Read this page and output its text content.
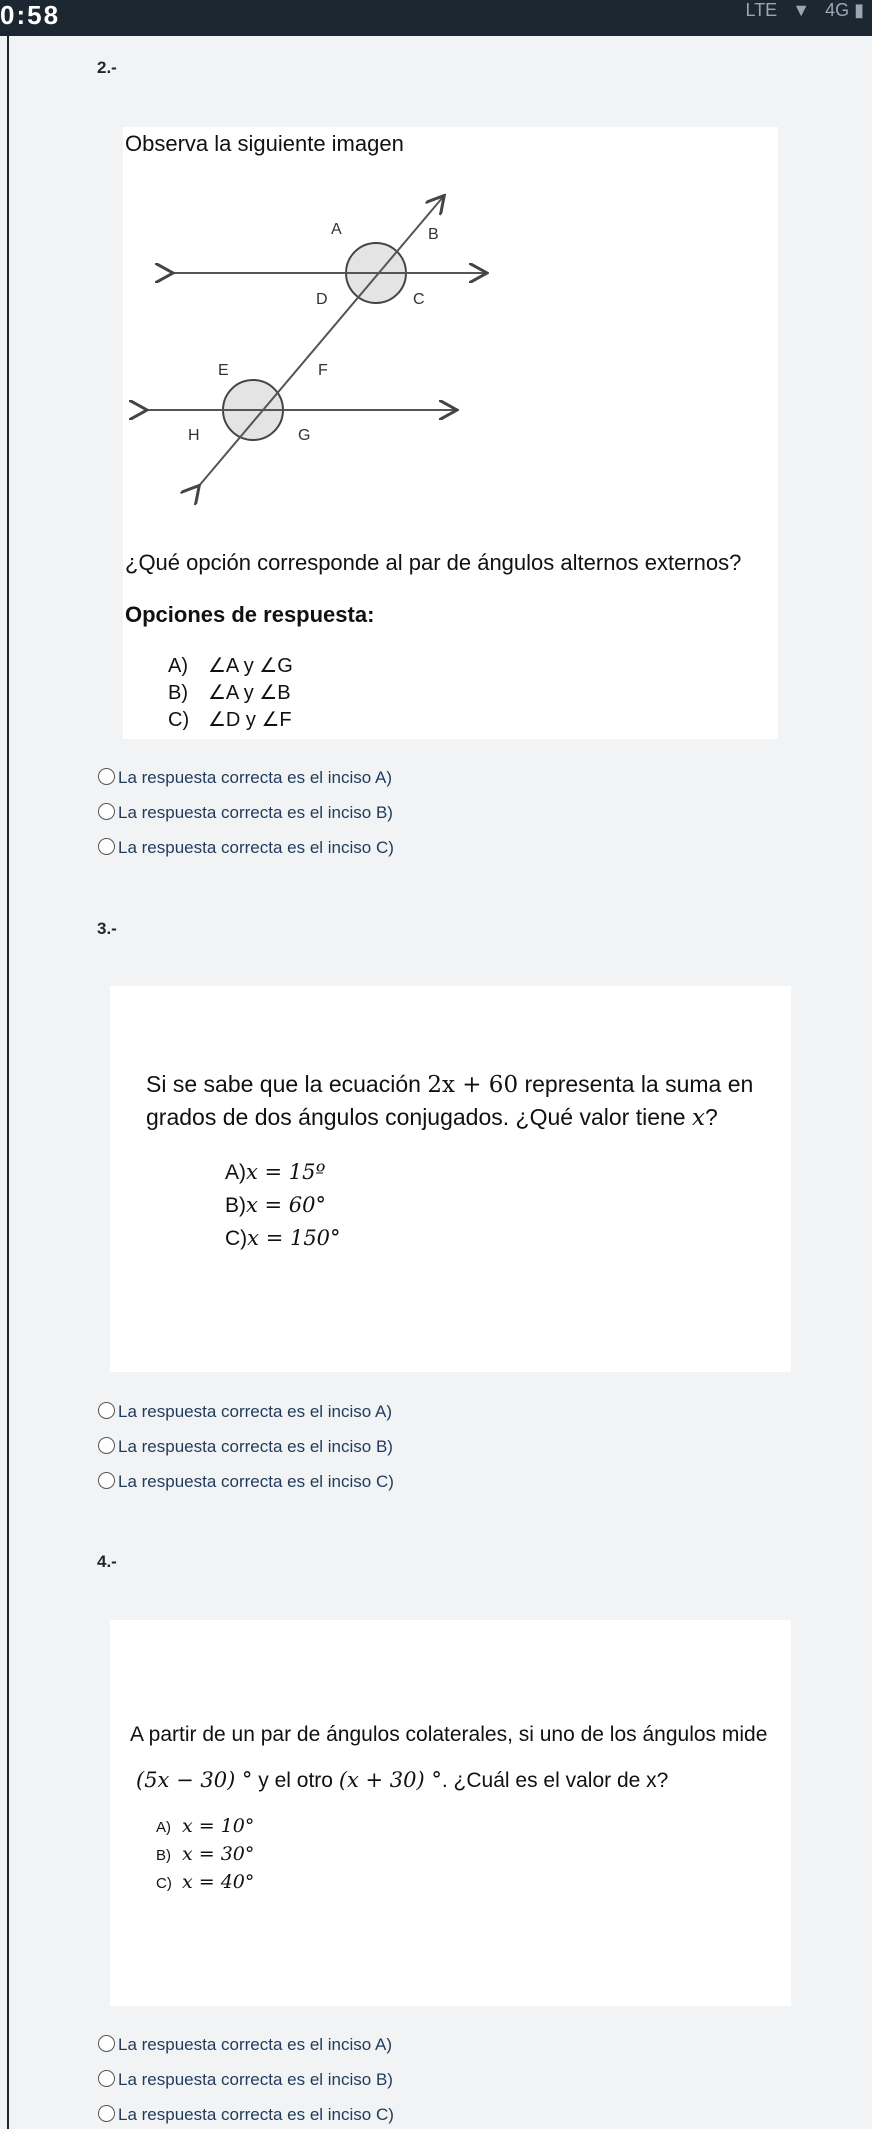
0:58	LTE ▼ 4G ▮
2.-
Observa la siguiente imagen
A	B
C
D
E	F
H	G
¿Qué opción corresponde al par de ángulos alternos externos?
Opciones de respuesta:
A) ∠A y ∠G
B) ∠A y ∠B
C) ∠D y ∠F
La respuesta correcta es el inciso A)
La respuesta correcta es el inciso B)
La respuesta correcta es el inciso C)
3.-
Si se sabe que la ecuación 2x + 60 representa la suma en
grados de dos ángulos conjugados. ¿Qué valor tiene x?
A)x = 15º
B)x = 60°
C)x = 150°
La respuesta correcta es el inciso A)
La respuesta correcta es el inciso B)
La respuesta correcta es el inciso C)
4.-
A partir de un par de ángulos colaterales, si uno de los ángulos mide
(5x − 30) ° y el otro (x + 30) °. ¿Cuál es el valor de x?
A) x = 10°
B) x = 30°
C) x = 40°
La respuesta correcta es el inciso A)
La respuesta correcta es el inciso B)
La respuesta correcta es el inciso C)
